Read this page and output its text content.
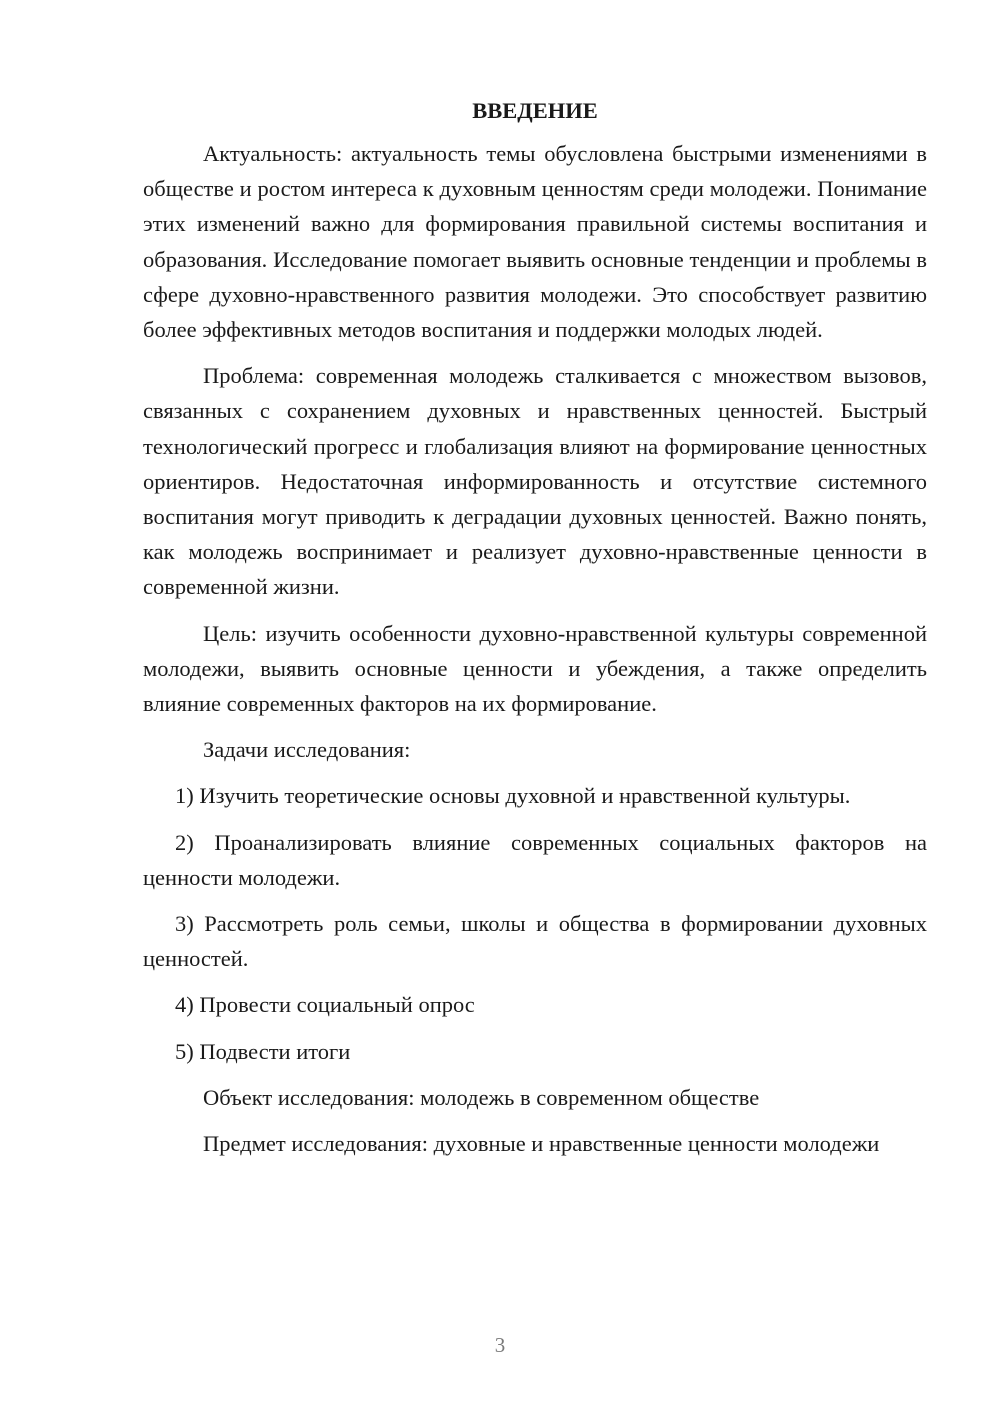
ВВЕДЕНИЕ

Актуальность: актуальность темы обусловлена быстрыми изменениями в обществе и ростом интереса к духовным ценностям среди молодежи. Понимание этих изменений важно для формирования правильной системы воспитания и образования. Исследование помогает выявить основные тенденции и проблемы в сфере духовно-нравственного развития молодежи. Это способствует развитию более эффективных методов воспитания и поддержки молодых людей.

Проблема: современная молодежь сталкивается с множеством вызовов, связанных с сохранением духовных и нравственных ценностей. Быстрый технологический прогресс и глобализация влияют на формирование ценностных ориентиров. Недостаточная информированность и отсутствие системного воспитания могут приводить к деградации духовных ценностей. Важно понять, как молодежь воспринимает и реализует духовно-нравственные ценности в современной жизни.

Цель: изучить особенности духовно-нравственной культуры современной молодежи, выявить основные ценности и убеждения, а также определить влияние современных факторов на их формирование.

Задачи исследования:

1) Изучить теоретические основы духовной и нравственной культуры.

2) Проанализировать влияние современных социальных факторов на ценности молодежи.

3) Рассмотреть роль семьи, школы и общества в формировании духовных ценностей.

4) Провести социальный опрос

5) Подвести итоги

Объект исследования: молодежь в современном обществе

Предмет исследования: духовные и нравственные ценности молодежи

3
